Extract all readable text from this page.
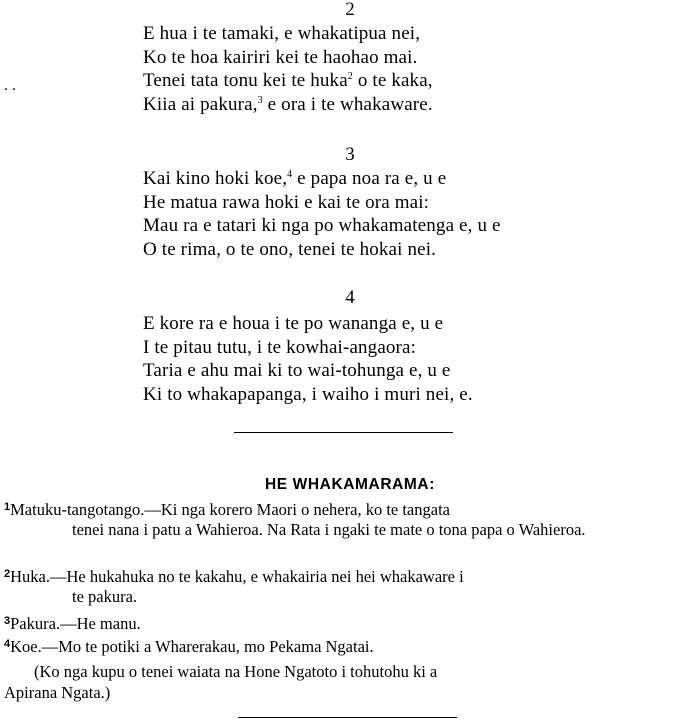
2
E hua i te tamaki, e whakatipua nei,
Ko te hoa kairiri kei te haohao mai.
Tenei tata tonu kei te huka$^2$ o te kaka,
Kiia ai pakura,$^3$ e ora i te whakaware.
. .
3
Kai kino hoki koe,$^4$ e papa noa ra e, u e
He matua rawa hoki e kai te ora mai:
Mau ra e tatari ki nga po whakamatenga e, u e
O te rima, o te ono, tenei te hokai nei.
4
E kore ra e houa i te po wananga e, u e
I te pitau tutu, i te kowhai-angaora:
Taria e ahu mai ki to wai-tohunga e, u e
Ki to whakapapanga, i waiho i muri nei, e.
HE WHAKAMARAMA:
$^1$Matuku-tangotango.—Ki nga korero Maori o nehera, ko te tangata
tenei nana i patu a Wahieroa. Na Rata i ngaki te mate o tona papa o Wahieroa.
$^2$Huka.—He hukahuka no te kakahu, e whakairia nei hei whakaware i
te pakura.
$^3$Pakura.—He manu.
$^4$Koe.—Mo te potiki a Wharerakau, mo Pekama Ngatai.
(Ko nga kupu o tenei waiata na Hone Ngatoto i tohutohu ki a
Apirana Ngata.)
